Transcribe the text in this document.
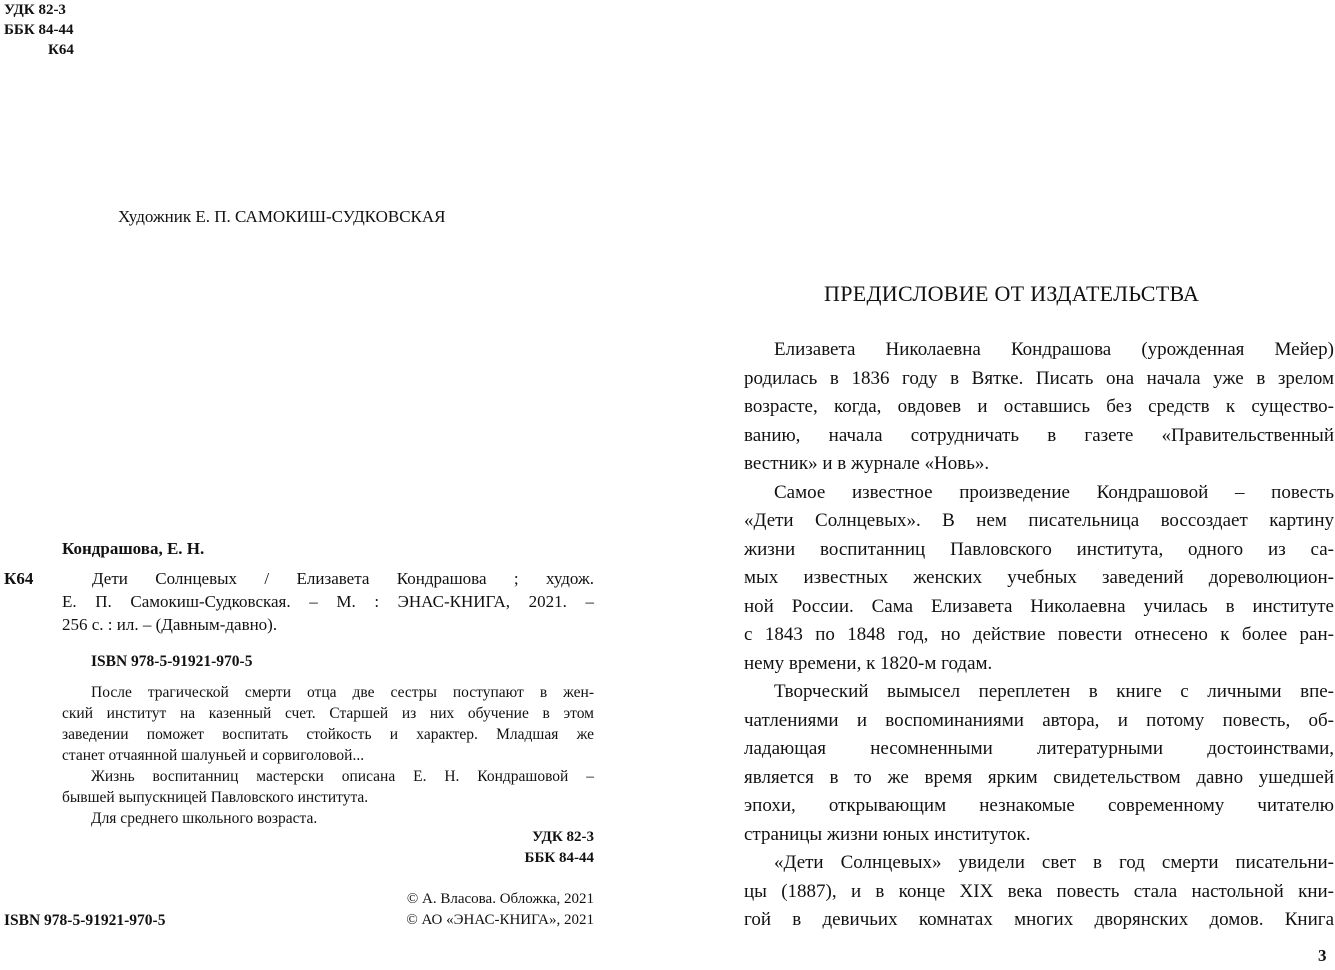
УДК 82-3
ББК 84-44
К64
Художник Е. П. САМОКИШ-СУДКОВСКАЯ
Кондрашова, Е. Н.
К64	Дети Солнцевых / Елизавета Кондрашова ; худож.
Е. П. Самокиш-Судковская. – М. : ЭНАС-КНИГА, 2021. –
256 с. : ил. – (Давным-давно).
ISBN 978-5-91921-970-5
После трагической смерти отца две сестры поступают в жен-
ский институт на казенный счет. Старшей из них обучение в этом
заведении поможет воспитать стойкость и характер. Младшая же
станет отчаянной шалуньей и сорвиголовой...
Жизнь воспитанниц мастерски описана Е. Н. Кондрашовой –
бывшей выпускницей Павловского института.
Для среднего школьного возраста.
УДК 82-3
ББК 84-44
© А. Власова. Обложка, 2021
© АО «ЭНАС-КНИГА», 2021
ISBN 978-5-91921-970-5
ПРЕДИСЛОВИЕ ОТ ИЗДАТЕЛЬСТВА
Елизавета Николаевна Кондрашова (урожденная Мейер)
родилась в 1836 году в Вятке. Писать она начала уже в зрелом
возрасте, когда, овдовев и оставшись без средств к существо-
ванию, начала сотрудничать в газете «Правительственный
вестник» и в журнале «Новь».
Самое известное произведение Кондрашовой – повесть
«Дети Солнцевых». В нем писательница воссоздает картину
жизни воспитанниц Павловского института, одного из са-
мых известных женских учебных заведений дореволюцион-
ной России. Сама Елизавета Николаевна училась в институте
с 1843 по 1848 год, но действие повести отнесено к более ран-
нему времени, к 1820-м годам.
Творческий вымысел переплетен в книге с личными впе-
чатлениями и воспоминаниями автора, и потому повесть, об-
ладающая несомненными литературными достоинствами,
является в то же время ярким свидетельством давно ушедшей
эпохи, открывающим незнакомые современному читателю
страницы жизни юных институток.
«Дети Солнцевых» увидели свет в год смерти писательни-
цы (1887), и в конце XIX века повесть стала настольной кни-
гой в девичьих комнатах многих дворянских домов. Книга
3
